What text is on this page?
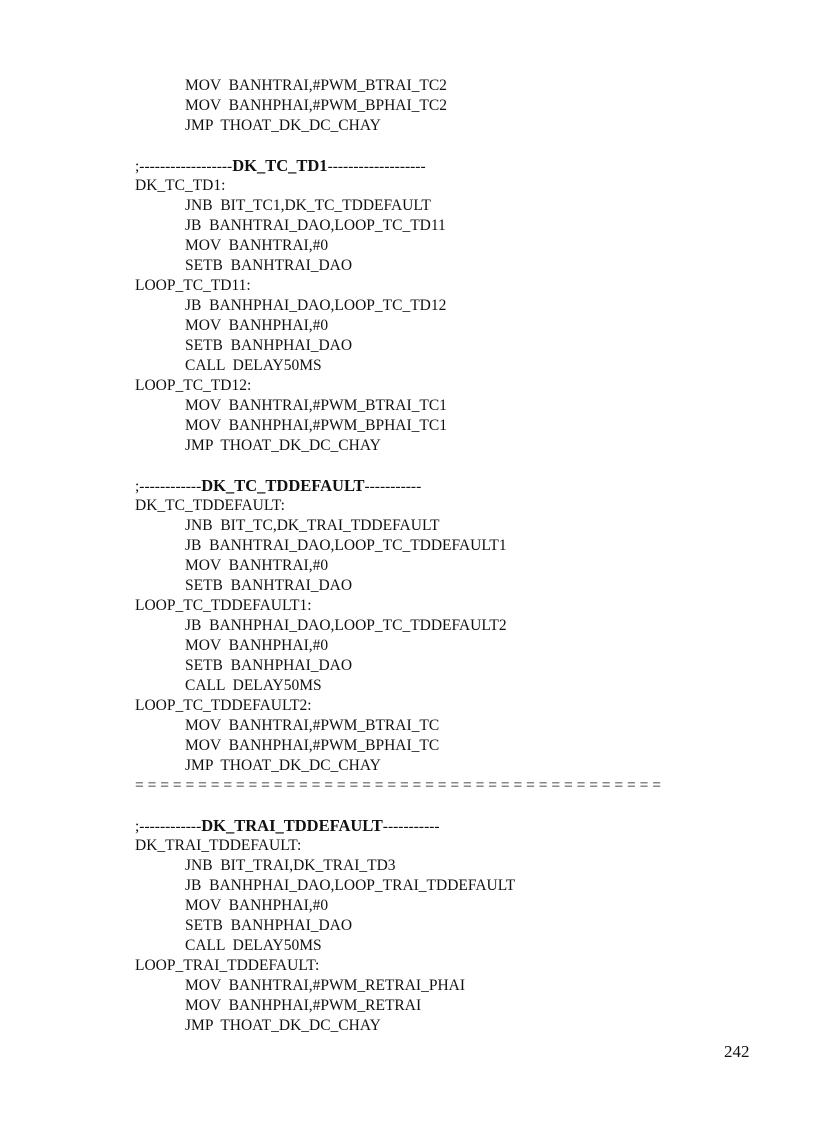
MOV  BANHTRAI,#PWM_BTRAI_TC2
MOV  BANHPHAI,#PWM_BPHAI_TC2
JMP  THOAT_DK_DC_CHAY
;------------------DK_TC_TD1-------------------
DK_TC_TD1:
JNB  BIT_TC1,DK_TC_TDDEFAULT
JB  BANHTRAI_DAO,LOOP_TC_TD11
MOV  BANHTRAI,#0
SETB  BANHTRAI_DAO
LOOP_TC_TD11:
JB  BANHPHAI_DAO,LOOP_TC_TD12
MOV  BANHPHAI,#0
SETB  BANHPHAI_DAO
CALL  DELAY50MS
LOOP_TC_TD12:
MOV  BANHTRAI,#PWM_BTRAI_TC1
MOV  BANHPHAI,#PWM_BPHAI_TC1
JMP  THOAT_DK_DC_CHAY
;------------DK_TC_TDDEFAULT-----------
DK_TC_TDDEFAULT:
JNB  BIT_TC,DK_TRAI_TDDEFAULT
JB  BANHTRAI_DAO,LOOP_TC_TDDEFAULT1
MOV  BANHTRAI,#0
SETB  BANHTRAI_DAO
LOOP_TC_TDDEFAULT1:
JB  BANHPHAI_DAO,LOOP_TC_TDDEFAULT2
MOV  BANHPHAI,#0
SETB  BANHPHAI_DAO
CALL  DELAY50MS
LOOP_TC_TDDEFAULT2:
MOV  BANHTRAI,#PWM_BTRAI_TC
MOV  BANHPHAI,#PWM_BPHAI_TC
JMP  THOAT_DK_DC_CHAY
= = = = = = = = = = = = = = = = = = = = = = = = = = = = = = = = = = = = = = = = = =
;------------DK_TRAI_TDDEFAULT-----------
DK_TRAI_TDDEFAULT:
JNB  BIT_TRAI,DK_TRAI_TD3
JB  BANHPHAI_DAO,LOOP_TRAI_TDDEFAULT
MOV  BANHPHAI,#0
SETB  BANHPHAI_DAO
CALL  DELAY50MS
LOOP_TRAI_TDDEFAULT:
MOV  BANHTRAI,#PWM_RETRAI_PHAI
MOV  BANHPHAI,#PWM_RETRAI
JMP  THOAT_DK_DC_CHAY
242
